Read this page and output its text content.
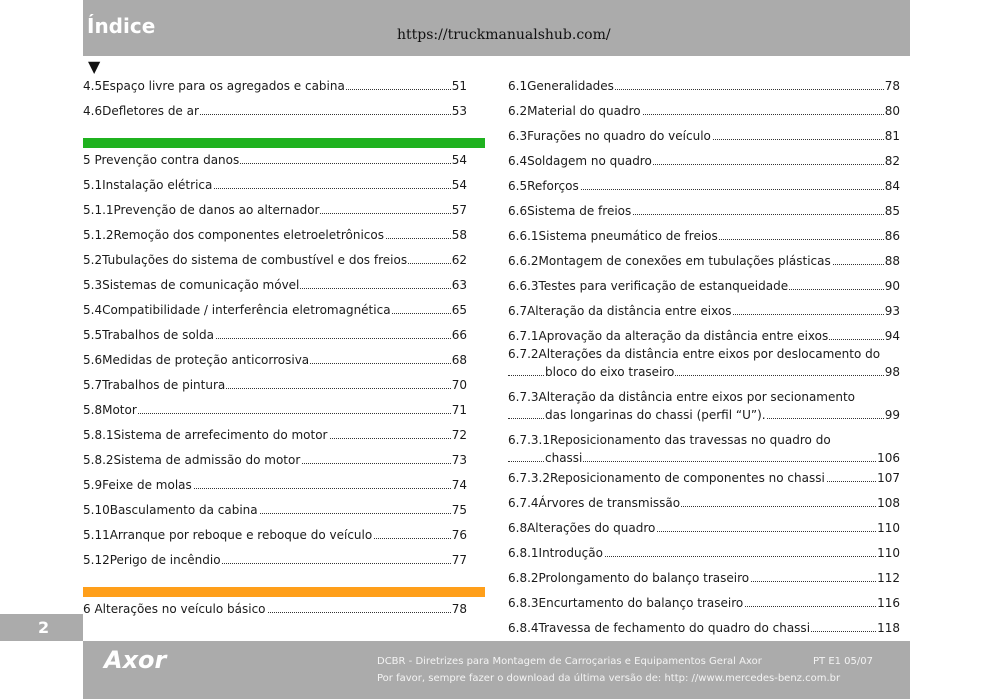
Índice	https://truckmanualshub.com/
▼
4.5Espaço livre para os agregados e cabina	51
4.6Defletores de ar	53
5 Prevenção contra danos	54
5.1Instalação elétrica	54
5.1.1Prevenção de danos ao alternador	57
5.1.2Remoção dos componentes eletroeletrônicos	58
5.2Tubulações do sistema de combustível e dos freios	62
5.3Sistemas de comunicação móvel	63
5.4Compatibilidade / interferência eletromagnética	65
5.5Trabalhos de solda	66
5.6Medidas de proteção anticorrosiva	68
5.7Trabalhos de pintura	70
5.8Motor	71
5.8.1Sistema de arrefecimento do motor	72
5.8.2Sistema de admissão do motor	73
5.9Feixe de molas	74
5.10Basculamento da cabina	75
5.11Arranque por reboque e reboque do veículo	76
5.12Perigo de incêndio	77
6 Alterações no veículo básico	78
6.1Generalidades	78
6.2Material do quadro	80
6.3Furações no quadro do veículo	81
6.4Soldagem no quadro	82
6.5Reforços	84
6.6Sistema de freios	85
6.6.1Sistema pneumático de freios	86
6.6.2Montagem de conexões em tubulações plásticas	88
6.6.3Testes para verificação de estanqueidade	90
6.7Alteração da distância entre eixos	93
6.7.1Aprovação da alteração da distância entre eixos	94
6.7.2Alterações da distância entre eixos por deslocamento do
bloco do eixo traseiro	98
6.7.3Alteração da distância entre eixos por secionamento
das longarinas do chassi (perfil “U”).	99
6.7.3.1Reposicionamento das travessas no quadro do
chassi	106
6.7.3.2Reposicionamento de componentes no chassi	107
6.7.4Árvores de transmissão	108
6.8Alterações do quadro	110
6.8.1Introdução	110
6.8.2Prolongamento do balanço traseiro	112
6.8.3Encurtamento do balanço traseiro	116
6.8.4Travessa de fechamento do quadro do chassi	118
2
Axor	DCBR - Diretrizes para Montagem de Carroçarias e Equipamentos Geral Axor	PT E1 05/07
Por favor, sempre fazer o download da última versão de: http: //www.mercedes-benz.com.br
